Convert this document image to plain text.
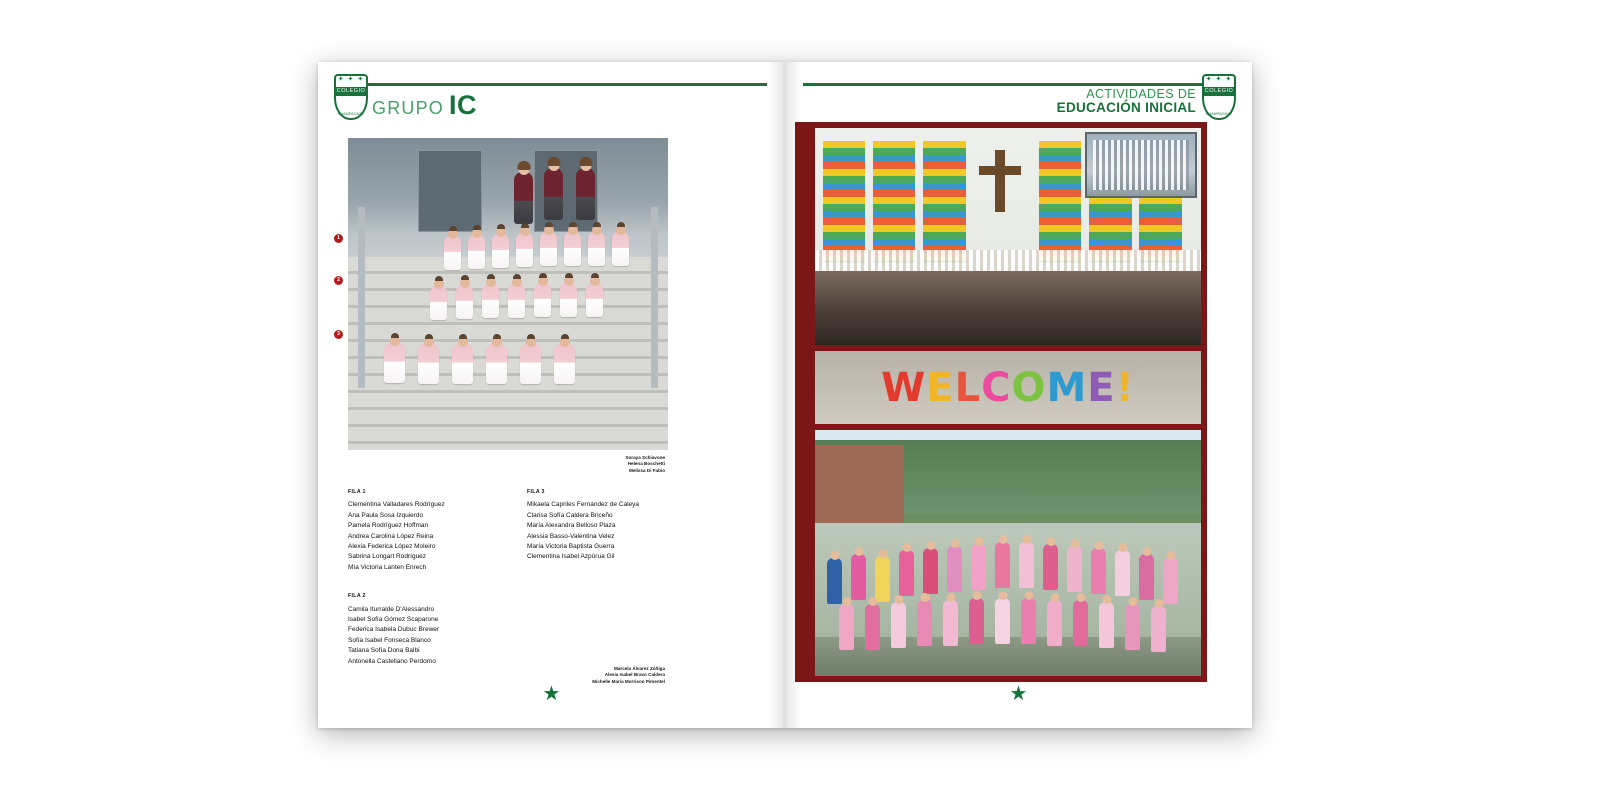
✦ ✦ ✦
COLEGIO
CHAMPAGNAT GRUPO IC
1
2
3
Soraya Schiavone
Helena Boschetti
Melissa Di Fabio
FILA 1
Clementina Valladares Rodríguez
Ana Paula Sosa Izquierdo
Pamela Rodríguez Hoffman
Andrea Carolina López Reina
Alexia Federica López Moleiro
Sabrina Longart Rodríguez
Mía Victoria Lanten Enrech
FILA 2
Camila Iturralde D'Alessandro
Isabel Sofía Gómez Scaparone
Federica Isabela Dubuc Brewer
Sofía Isabel Fonseca Blanco
Tatiana Sofía Dona Balbi
Antonella Castellano Perdomo
FILA 3
Mikaela Capriles Fernández de Caleya
Clarisa Sofía Caldera Briceño
María Alexandra Belloso Plaza
Alessia Basso-Valentina Velez
María Victoria Baptista Guerra
Clementina Isabel Azpúrua Gil
Marcela Álvarez Zúñiga
Alesia Isabel Bravo Caldera
Michelle María Morrison Pimentel
★
✦ ✦ ✦
COLEGIO
CHAMPAGNAT
ACTIVIDADES DE
EDUCACIÓN INICIAL
WELCOME!
★
